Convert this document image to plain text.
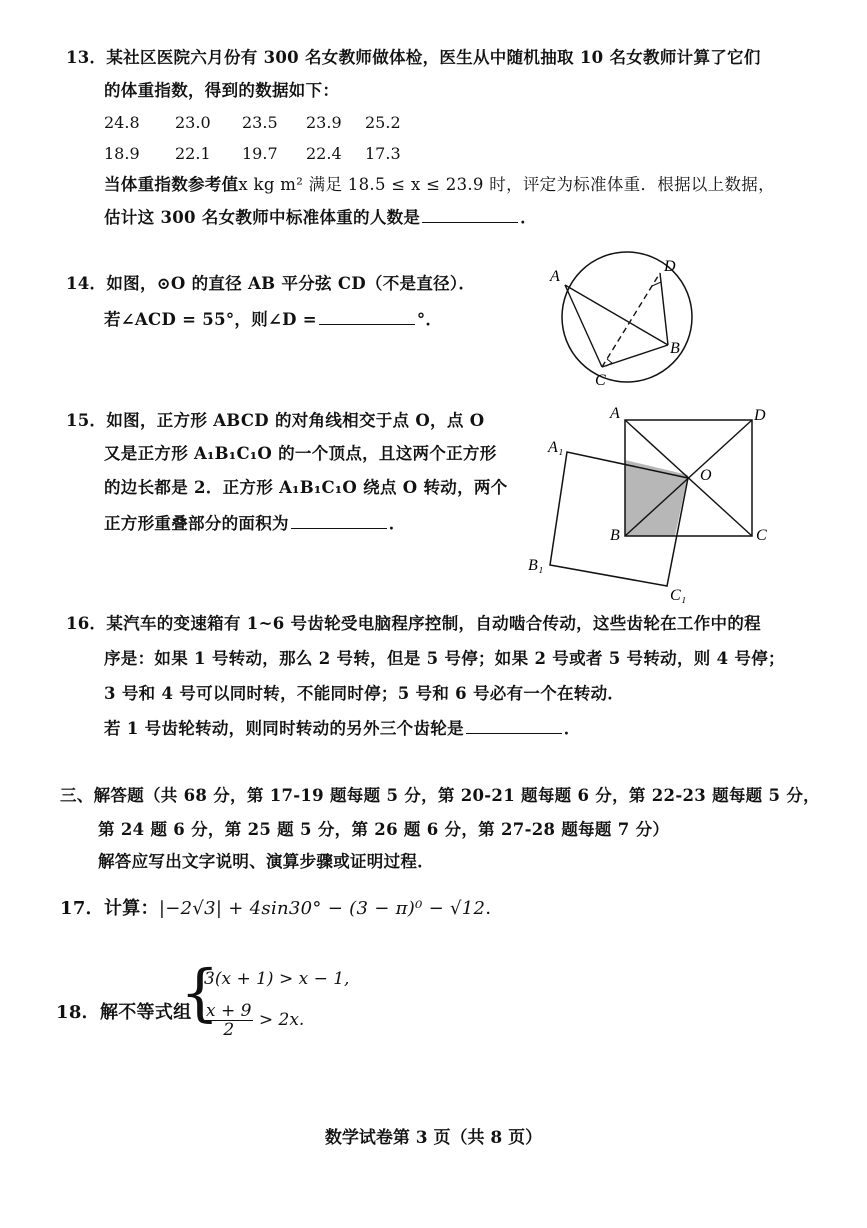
13．某社区医院六月份有 300 名女教师做体检，医生从中随机抽取 10 名女教师计算了它们
的体重指数，得到的数据如下：
24.8 23.0 23.5 23.9 25.2
18.9 22.1 19.7 22.4 17.3
当体重指数参考值x kg m² 满足 18.5 ≤ x ≤ 23.9 时，评定为标准体重．根据以上数据，
估计这 300 名女教师中标准体重的人数是	．
14．如图，⊙O 的直径 AB 平分弦 CD（不是直径）．
若∠ACD = 55°，则∠D =	°．
A
D
B
C
15．如图，正方形 ABCD 的对角线相交于点 O，点 O
又是正方形 A₁B₁C₁O 的一个顶点，且这两个正方形
的边长都是 2．正方形 A₁B₁C₁O 绕点 O 转动，两个
正方形重叠部分的面积为	．
A	D
B	C
O
A₁
B₁
C₁
16．某汽车的变速箱有 1~6 号齿轮受电脑程序控制，自动啮合传动，这些齿轮在工作中的程
序是：如果 1 号转动，那么 2 号转，但是 5 号停；如果 2 号或者 5 号转动，则 4 号停；
3 号和 4 号可以同时转，不能同时停；5 号和 6 号必有一个在转动．
若 1 号齿轮转动，则同时转动的另外三个齿轮是	．
三、解答题（共 68 分，第 17-19 题每题 5 分，第 20-21 题每题 6 分，第 22-23 题每题 5 分，
第 24 题 6 分，第 25 题 5 分，第 26 题 6 分，第 27-28 题每题 7 分）
解答应写出文字说明、演算步骤或证明过程．
17．计算：|−2√3| + 4sin30° − (3 − π)⁰ − √12．
18．解不等式组
{
3(x + 1) > x − 1,
$\frac{x + 9}{2} > 2x$.
数学试卷第 3 页（共 8 页）
